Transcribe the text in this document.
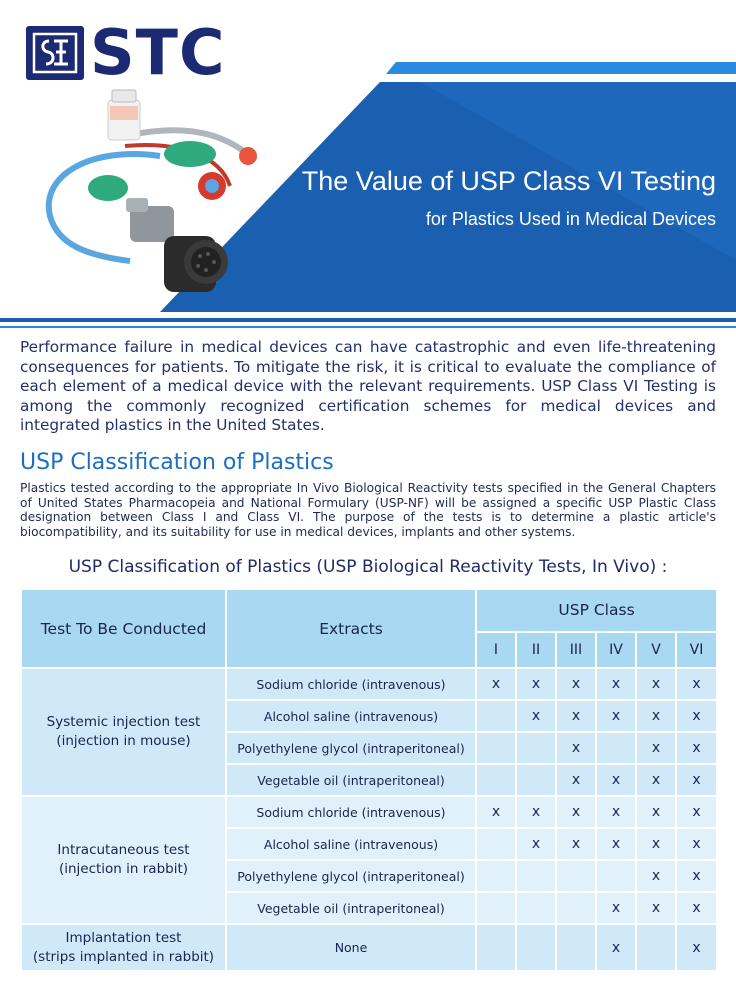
STC
The Value of USP Class VI Testing
for Plastics Used in Medical Devices
Performance failure in medical devices can have catastrophic and even life-threatening consequences for patients. To mitigate the risk, it is critical to evaluate the compliance of each element of a medical device with the relevant requirements. USP Class VI Testing is among the commonly recognized certification schemes for medical devices and integrated plastics in the United States.
USP Classification of Plastics
Plastics tested according to the appropriate In Vivo Biological Reactivity tests specified in the General Chapters of United States Pharmacopeia and National Formulary (USP-NF) will be assigned a specific USP Plastic Class designation between Class I and Class VI. The purpose of the tests is to determine a plastic article's biocompatibility, and its suitability for use in medical devices, implants and other systems.
USP Classification of Plastics (USP Biological Reactivity Tests, In Vivo) :
Test To Be Conducted	Extracts	USP Class					
		I	II	III	IV	V	VI

Systemic injection test
(injection in mouse)	Sodium chloride (intravenous)	x	x	x	x	x	x
	Alcohol saline (intravenous)		x	x	x	x	x
	Polyethylene glycol (intraperitoneal)			x		x	x
	Vegetable oil (intraperitoneal)			x	x	x	x

Intracutaneous test
(injection in rabbit)	Sodium chloride (intravenous)	x	x	x	x	x	x
	Alcohol saline (intravenous)		x	x	x	x	x
	Polyethylene glycol (intraperitoneal)					x	x
	Vegetable oil (intraperitoneal)				x	x	x

Implantation test
(strips implanted in rabbit)	None				x		x
